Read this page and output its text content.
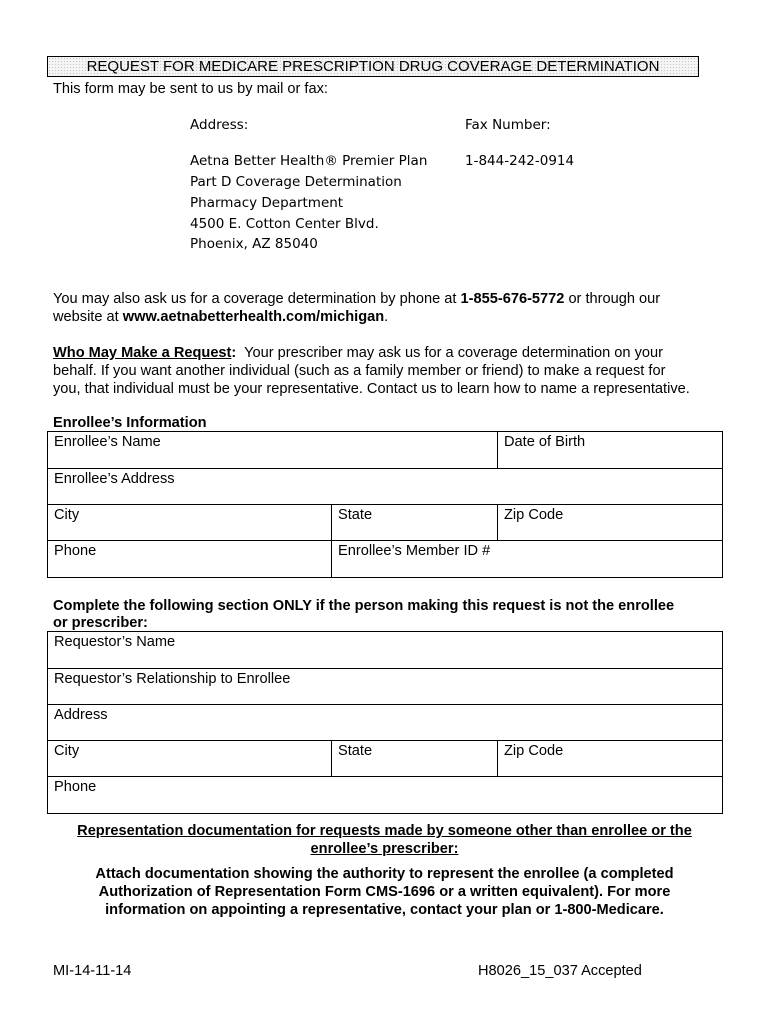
REQUEST FOR MEDICARE PRESCRIPTION DRUG COVERAGE DETERMINATION
This form may be sent to us by mail or fax:
Address:	Fax Number:
Aetna Better Health® Premier Plan
Part D Coverage Determination
Pharmacy Department
4500 E. Cotton Center Blvd.
Phoenix, AZ 85040
1-844-242-0914
You may also ask us for a coverage determination by phone at 1-855-676-5772 or through our
website at www.aetnabetterhealth.com/michigan.
Who May Make a Request:  Your prescriber may ask us for a coverage determination on your
behalf. If you want another individual (such as a family member or friend) to make a request for
you, that individual must be your representative. Contact us to learn how to name a representative.
Enrollee’s Information
Enrollee’s Name		Date of Birth
Enrollee’s Address		
City	State	Zip Code
Phone	Enrollee’s Member ID #	
Complete the following section ONLY if the person making this request is not the enrollee
or prescriber:
Requestor’s Name
Requestor’s Relationship to Enrollee
Address
City	State	Zip Code
Phone
Representation documentation for requests made by someone other than enrollee or the
enrollee’s prescriber:
Attach documentation showing the authority to represent the enrollee (a completed
Authorization of Representation Form CMS-1696 or a written equivalent). For more
information on appointing a representative, contact your plan or 1-800-Medicare.
MI-14-11-14	H8026_15_037 Accepted
